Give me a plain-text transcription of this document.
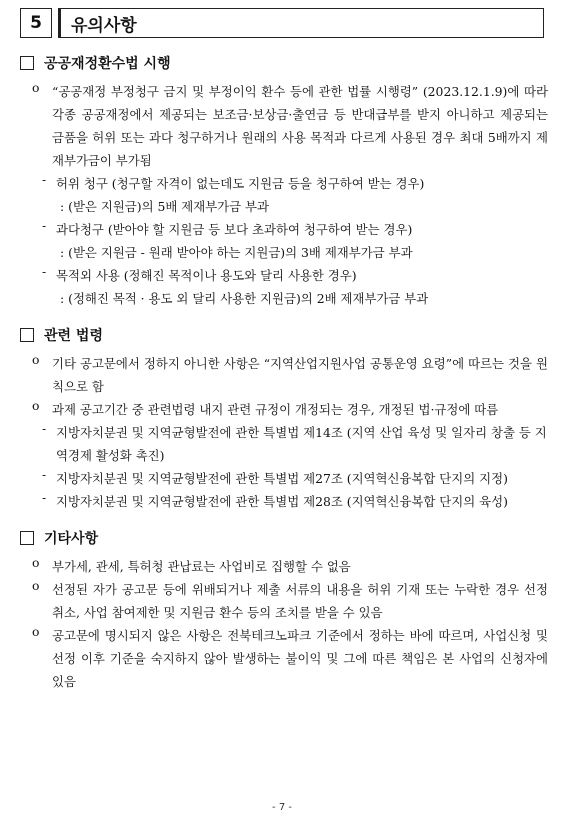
5	유의사항
공공재정환수법 시행
o	“공공재정 부정청구 금지 및 부정이익 환수 등에 관한 법률 시행령” (2023.12.1.9)에 따라 각종 공공재정에서 제공되는 보조금·보상금·출연금 등 반대급부를 받지 아니하고 제공되는 금품을 허위 또는 과다 청구하거나 원래의 사용 목적과 다르게 사용된 경우 최대 5배까지 제재부가금이 부가됨
- 허위 청구 (청구할 자격이 없는데도 지원금 등을 청구하여 받는 경우)
: (받은 지원금)의 5배 제재부가금 부과
- 과다청구 (받아야 할 지원금 등 보다 초과하여 청구하여 받는 경우)
: (받은 지원금 - 원래 받아야 하는 지원금)의 3배 제재부가금 부과
- 목적외 사용 (정해진 목적이나 용도와 달리 사용한 경우)
: (정해진 목적 · 용도 외 달리 사용한 지원금)의 2배 제재부가금 부과
관련 법령
o	기타 공고문에서 정하지 아니한 사항은 “지역산업지원사업 공통운영 요령”에 따르는 것을 원칙으로 함
o	과제 공고기간 중 관련법령 내지 관련 규정이 개정되는 경우, 개정된 법·규정에 따름
- 지방자치분권 및 지역균형발전에 관한 특별법 제14조 (지역 산업 육성 및 일자리 창출 등 지역경제 활성화 촉진)
- 지방자치분권 및 지역균형발전에 관한 특별법 제27조 (지역혁신융복합 단지의 지정)
- 지방자치분권 및 지역균형발전에 관한 특별법 제28조 (지역혁신융복합 단지의 육성)
기타사항
o	부가세, 관세, 특허청 관납료는 사업비로 집행할 수 없음
o	선정된 자가 공고문 등에 위배되거나 제출 서류의 내용을 허위 기재 또는 누락한 경우 선정 취소, 사업 참여제한 및 지원금 환수 등의 조치를 받을 수 있음
o	공고문에 명시되지 않은 사항은 전북테크노파크 기준에서 정하는 바에 따르며, 사업신청 및 선정 이후 기준을 숙지하지 않아 발생하는 불이익 및 그에 따른 책임은 본 사업의 신청자에 있음
- 7 -
